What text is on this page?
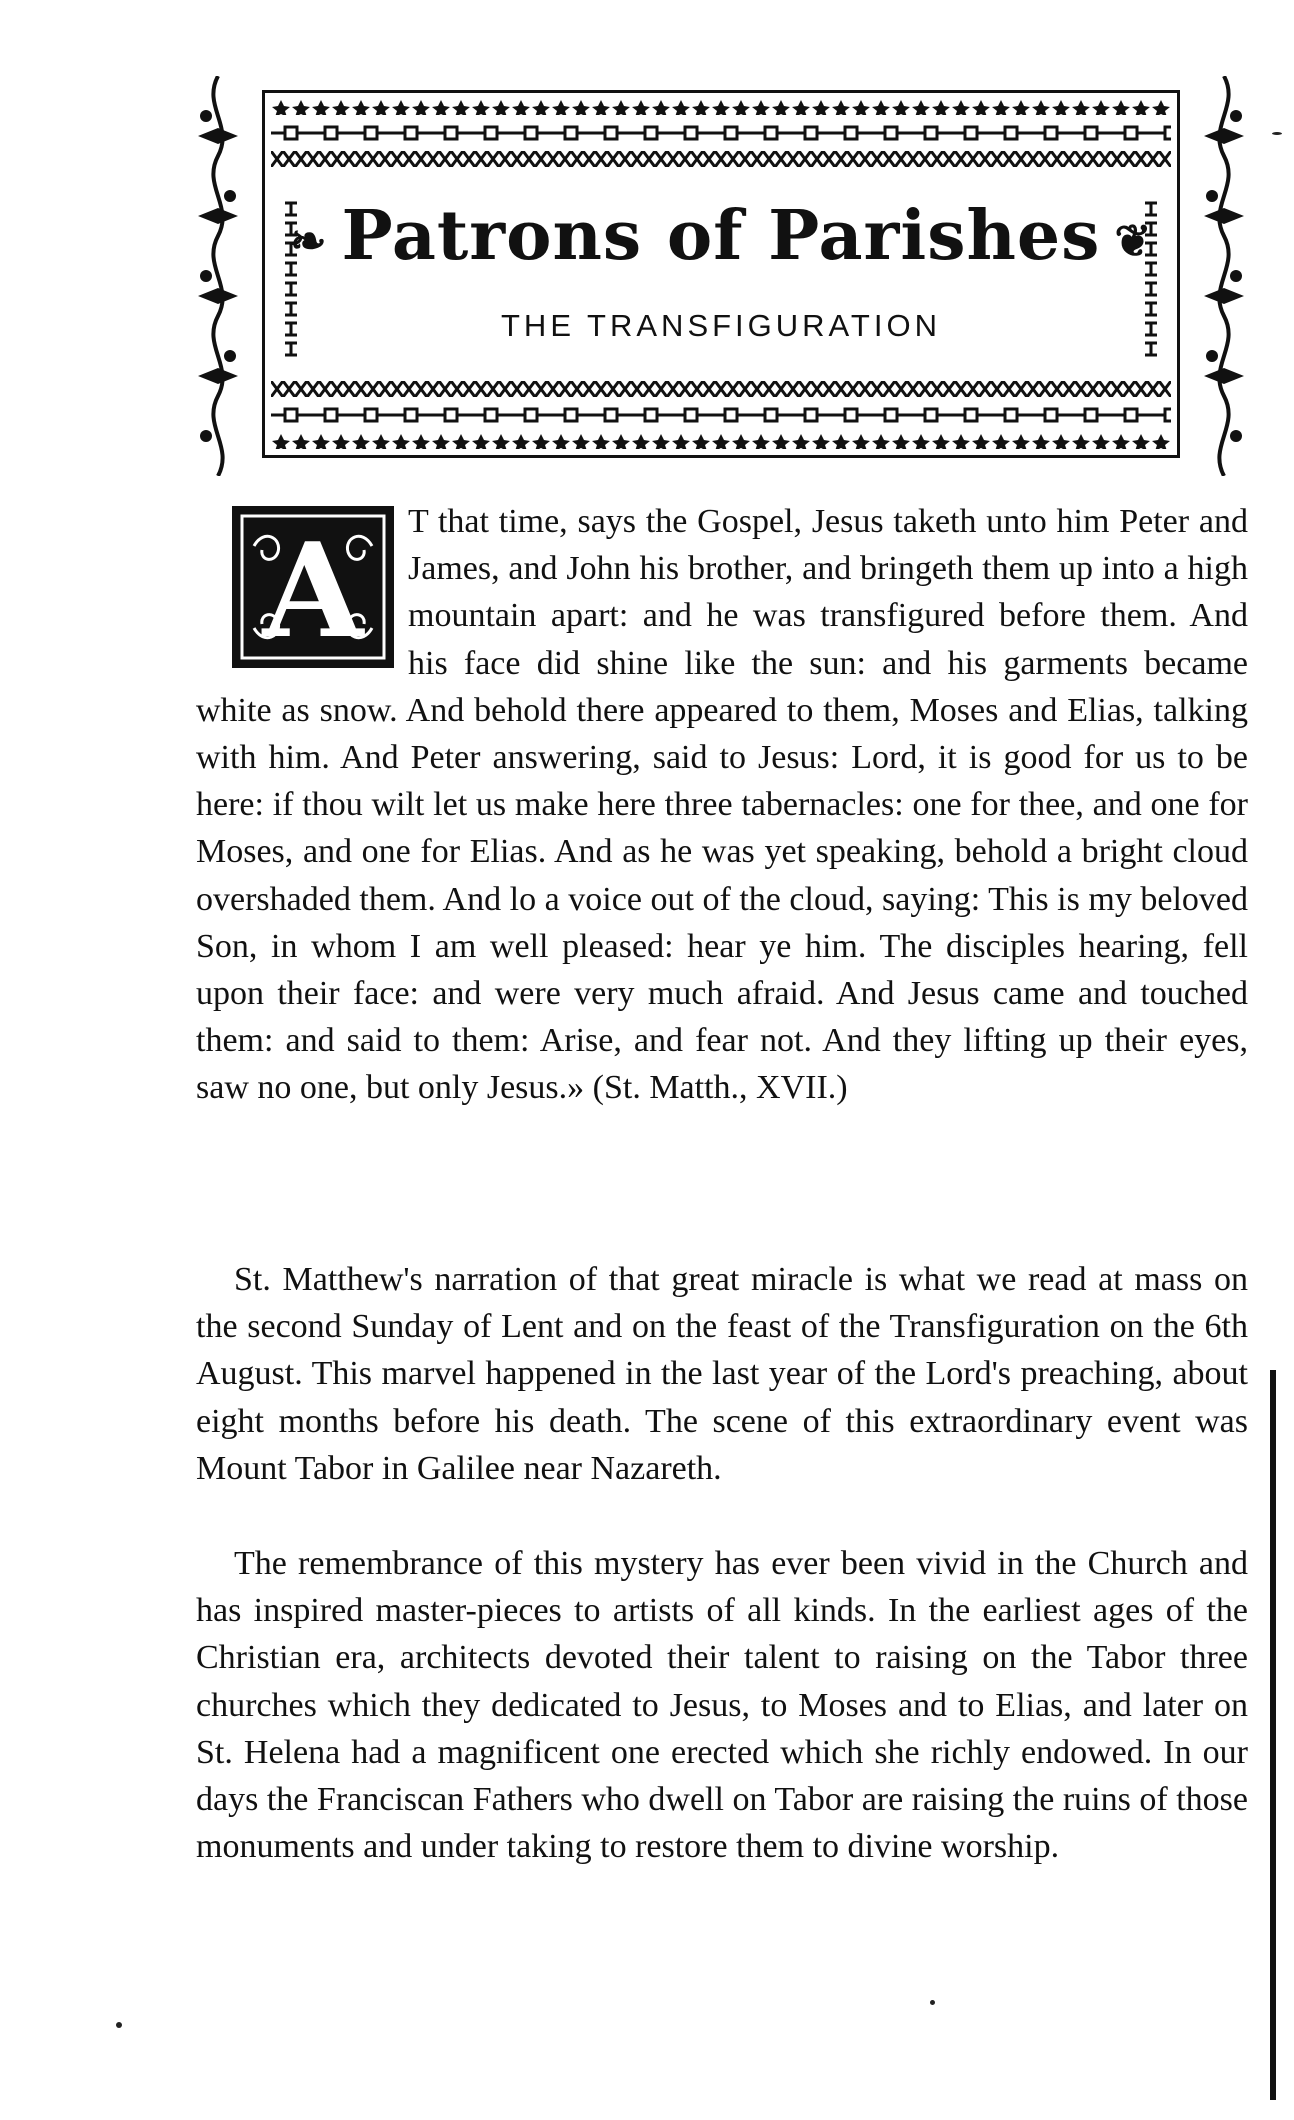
❧ Patrons of Parishes ❦
THE TRANSFIGURATION
A	T that time, says the Gospel, Jesus taketh unto him Peter and James, and John his brother, and bringeth them up into a high mountain apart: and he was transfigured before them. And his face did shine like the sun: and his garments became white as snow. And behold there appeared to them, Moses and Elias, talking with him. And Peter answering, said to Jesus: Lord, it is good for us to be here: if thou wilt let us make here three tabernacles: one for thee, and one for Moses, and one for Elias. And as he was yet speaking, behold a bright cloud overshaded them. And lo a voice out of the cloud, saying: This is my beloved Son, in whom I am well pleased: hear ye him. The disciples hearing, fell upon their face: and were very much afraid. And Jesus came and touched them: and said to them: Arise, and fear not. And they lifting up their eyes, saw no one, but only Jesus.» (St. Matth., XVII.)

St. Matthew's narration of that great miracle is what we read at mass on the second Sunday of Lent and on the feast of the Transfiguration on the 6th August. This marvel happened in the last year of the Lord's preaching, about eight months before his death. The scene of this extraordinary event was Mount Tabor in Galilee near Nazareth.

The remembrance of this mystery has ever been vivid in the Church and has inspired master-pieces to artists of all kinds. In the earliest ages of the Christian era, architects devoted their talent to raising on the Tabor three churches which they dedicated to Jesus, to Moses and to Elias, and later on St. Helena had a magnificent one erected which she richly endowed. In our days the Franciscan Fathers who dwell on Tabor are raising the ruins of those monuments and under taking to restore them to divine worship.
